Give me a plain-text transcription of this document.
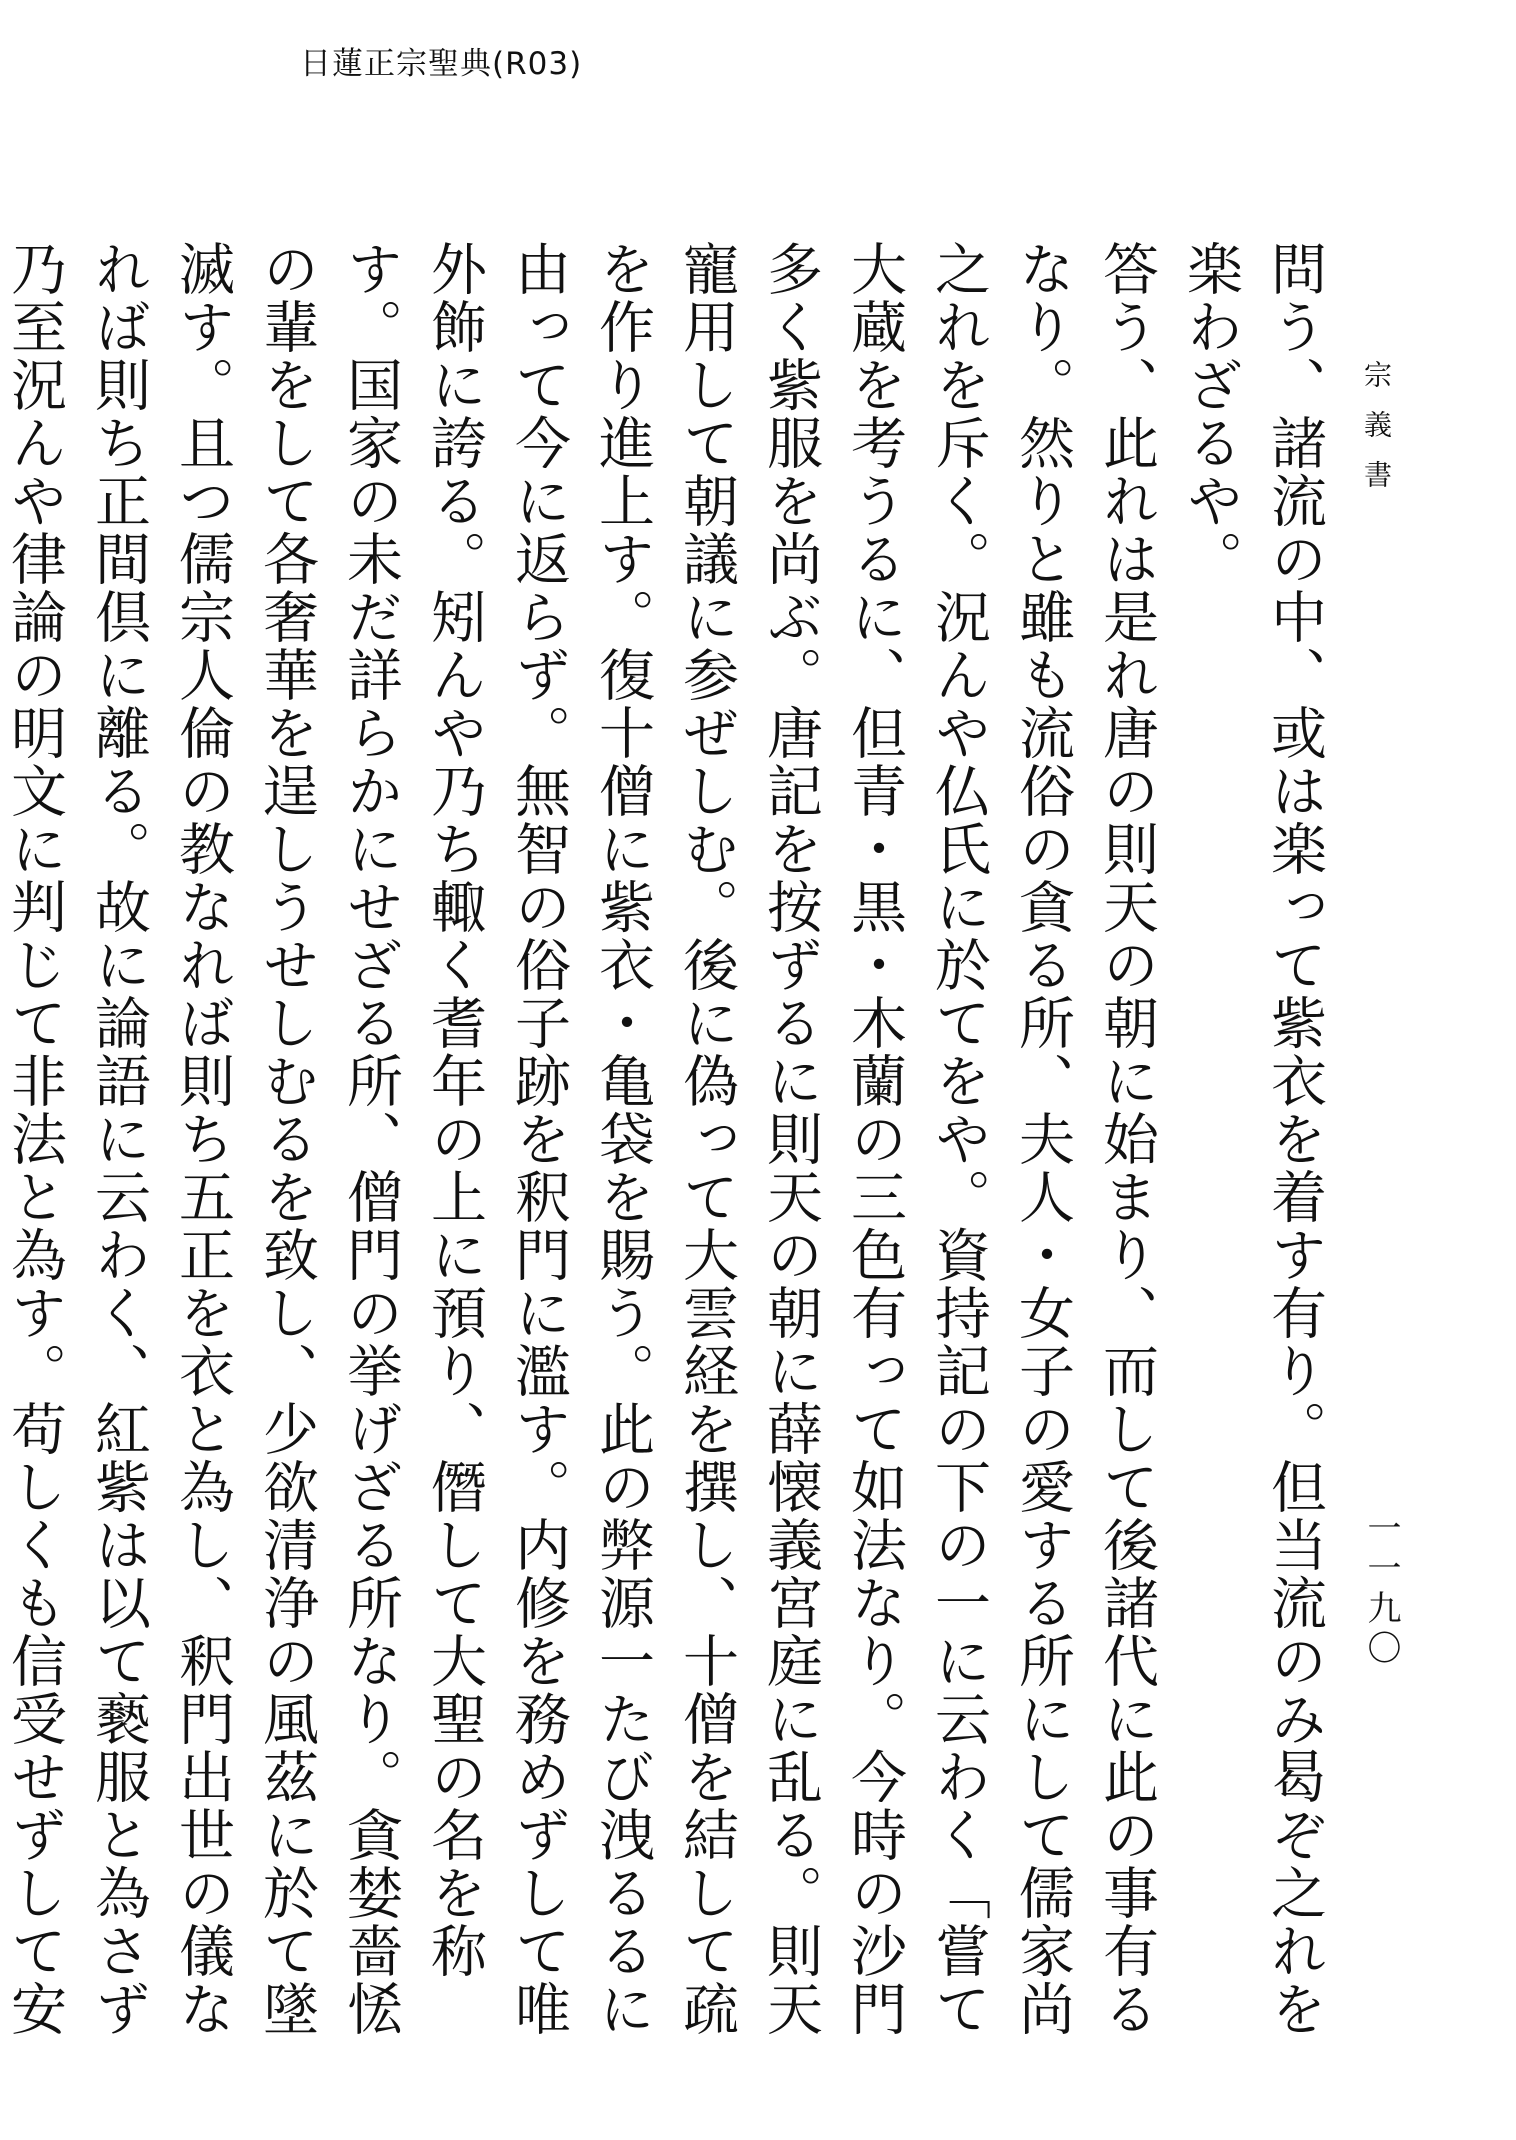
日蓮正宗聖典(R03)
宗義書
一一九〇

問う、諸流の中、或は楽って紫衣を着す有り。但当流のみ曷ぞ之れを楽わざるや。

答う、此れは是れ唐の則天の朝に始まり、而して後諸代に此の事有るなり。然りと雖も流俗の貪る所、夫人・女子の愛する所にして儒家尚之れを斥く。況んや仏氏に於てをや。資持記の下の一に云わく「嘗て大蔵を考うるに、但青・黒・木蘭の三色有って如法なり。今時の沙門多く紫服を尚ぶ。唐記を按ずるに則天の朝に薛懐義宮庭に乱る。則天寵用して朝議に参ぜしむ。後に偽って大雲経を撰し、十僧を結して疏を作り進上す。復十僧に紫衣・亀袋を賜う。此の弊源一たび洩るるに由って今に返らず。無智の俗子跡を釈門に濫す。内修を務めずして唯外飾に誇る。矧んや乃ち輙く耆年の上に預り、僭して大聖の名を称す。国家の未だ詳らかにせざる所、僧門の挙げざる所なり。貪婪嗇恡の輩をして各奢華を逞しうせしむるを致し、少欲清浄の風茲に於て墜滅す。且つ儒宗人倫の教なれば則ち五正を衣と為し、釈門出世の儀なれば則ち正間倶に離る。故に論語に云わく、紅紫は以て褻服と為さず乃至況んや律論の明文に判じて非法と為す。苟しくも信受せずして安
